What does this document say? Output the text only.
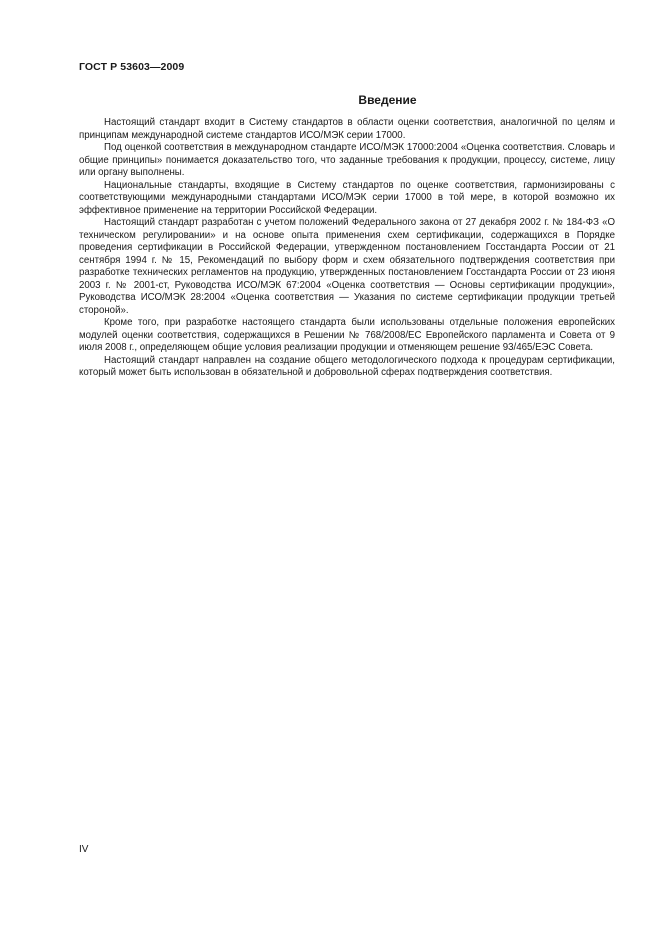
ГОСТ Р 53603—2009
Введение

Настоящий стандарт входит в Систему стандартов в области оценки соответствия, аналогичной по целям и принципам международной системе стандартов ИСО/МЭК серии 17000.

Под оценкой соответствия в международном стандарте ИСО/МЭК 17000:2004 «Оценка соответствия. Словарь и общие принципы» понимается доказательство того, что заданные требования к продукции, процессу, системе, лицу или органу выполнены.

Национальные стандарты, входящие в Систему стандартов по оценке соответствия, гармонизированы с соответствующими международными стандартами ИСО/МЭК серии 17000 в той мере, в которой возможно их эффективное применение на территории Российской Федерации.

Настоящий стандарт разработан с учетом положений Федерального закона от 27 декабря 2002 г. № 184-ФЗ «О техническом регулировании» и на основе опыта применения схем сертификации, содержащихся в Порядке проведения сертификации в Российской Федерации, утвержденном постановлением Госстандарта России от 21 сентября 1994 г. № 15, Рекомендаций по выбору форм и схем обязательного подтверждения соответствия при разработке технических регламентов на продукцию, утвержденных постановлением Госстандарта России от 23 июня 2003 г. № 2001-ст, Руководства ИСО/МЭК 67:2004 «Оценка соответствия — Основы сертификации продукции», Руководства ИСО/МЭК 28:2004 «Оценка соответствия — Указания по системе сертификации продукции третьей стороной».

Кроме того, при разработке настоящего стандарта были использованы отдельные положения европейских модулей оценки соответствия, содержащихся в Решении № 768/2008/ЕС Европейского парламента и Совета от 9 июля 2008 г., определяющем общие условия реализации продукции и отменяющем решение 93/465/ЕЭС Совета.

Настоящий стандарт направлен на создание общего методологического подхода к процедурам сертификации, который может быть использован в обязательной и добровольной сферах подтверждения соответствия.

IV
